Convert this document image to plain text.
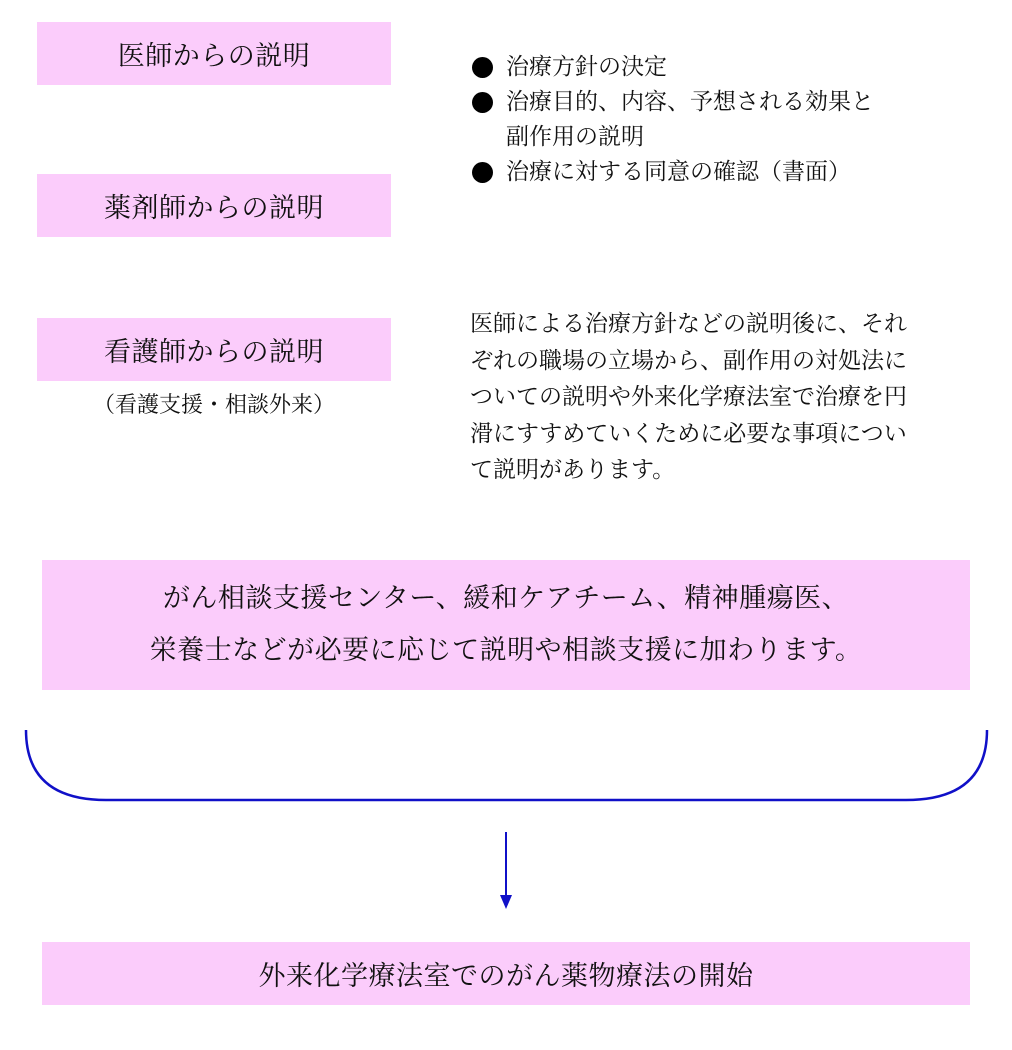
医師からの説明
薬剤師からの説明
看護師からの説明
（看護支援・相談外来）
治療方針の決定
治療目的、内容、予想される効果と
副作用の説明
治療に対する同意の確認（書面）

医師による治療方針などの説明後に、それ
ぞれの職場の立場から、副作用の対処法に
ついての説明や外来化学療法室で治療を円
滑にすすめていくために必要な事項につい
て説明があります。

がん相談支援センター、緩和ケアチーム、精神腫瘍医、
栄養士などが必要に応じて説明や相談支援に加わります。
外来化学療法室でのがん薬物療法の開始
